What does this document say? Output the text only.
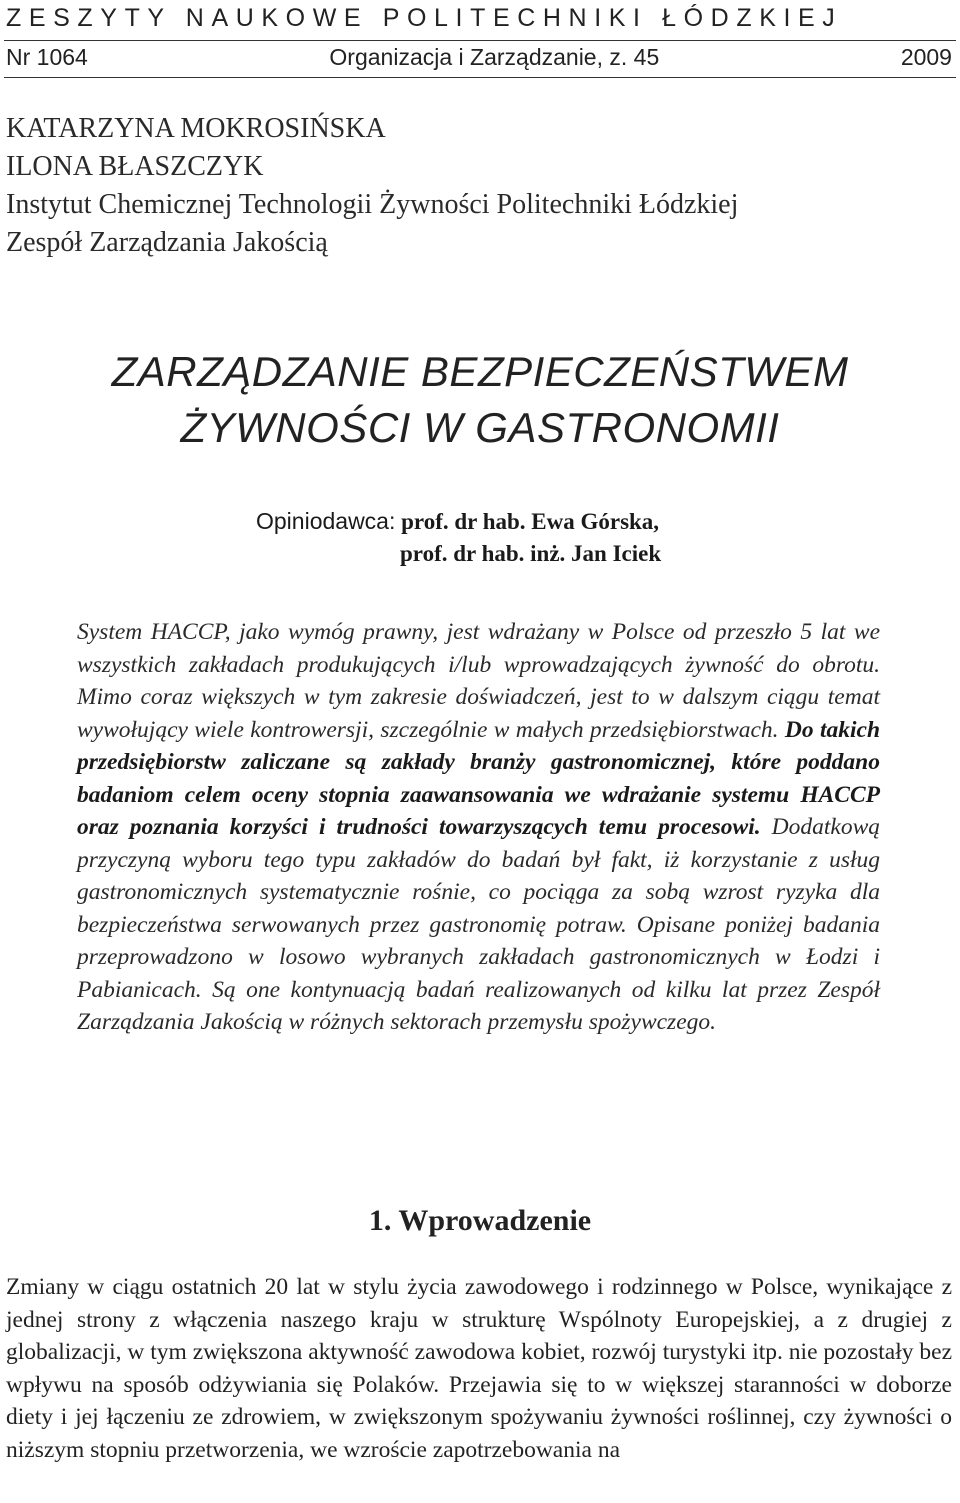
ZESZYTY NAUKOWE POLITECHNIKI ŁÓDZKIEJ
Nr 1064	Organizacja i Zarządzanie, z. 45	2009
KATARZYNA MOKROSIŃSKA
ILONA BŁASZCZYK
Instytut Chemicznej Technologii Żywności Politechniki Łódzkiej
Zespół Zarządzania Jakością
ZARZĄDZANIE BEZPIECZEŃSTWEM
ŻYWNOŚCI W GASTRONOMII
Opiniodawca: prof. dr hab. Ewa Górska,
prof. dr hab. inż. Jan Iciek
System HACCP, jako wymóg prawny, jest wdrażany w Polsce od przeszło 5 lat we wszystkich zakładach produkujących i/lub wprowadzających żywność do obrotu. Mimo coraz większych w tym zakresie doświadczeń, jest to w dalszym ciągu temat wywołujący wiele kontrowersji, szczególnie w małych przedsiębiorstwach. Do takich przedsiębiorstw zaliczane są zakłady branży gastronomicznej, które poddano badaniom celem oceny stopnia zaawansowania we wdrażanie systemu HACCP oraz poznania korzyści i trudności towarzyszących temu procesowi. Dodatkową przyczyną wyboru tego typu zakładów do badań był fakt, iż korzystanie z usług gastronomicznych systematycznie rośnie, co pociąga za sobą wzrost ryzyka dla bezpieczeństwa serwowanych przez gastronomię potraw. Opisane poniżej badania przeprowadzono w losowo wybranych zakładach gastronomicznych w Łodzi i Pabianicach. Są one kontynuacją badań realizowanych od kilku lat przez Zespół Zarządzania Jakością w różnych sektorach przemysłu spożywczego.
1. Wprowadzenie
Zmiany w ciągu ostatnich 20 lat w stylu życia zawodowego i rodzinnego w Polsce, wynikające z jednej strony z włączenia naszego kraju w strukturę Wspólnoty Europejskiej, a z drugiej z globalizacji, w tym zwiększona aktywność zawodowa kobiet, rozwój turystyki itp. nie pozostały bez wpływu na sposób odżywiania się Polaków. Przejawia się to w większej staranności w doborze diety i jej łączeniu ze zdrowiem, w zwiększonym spożywaniu żywności roślinnej, czy żywności o niższym stopniu przetworzenia, we wzroście zapotrzebowania na
